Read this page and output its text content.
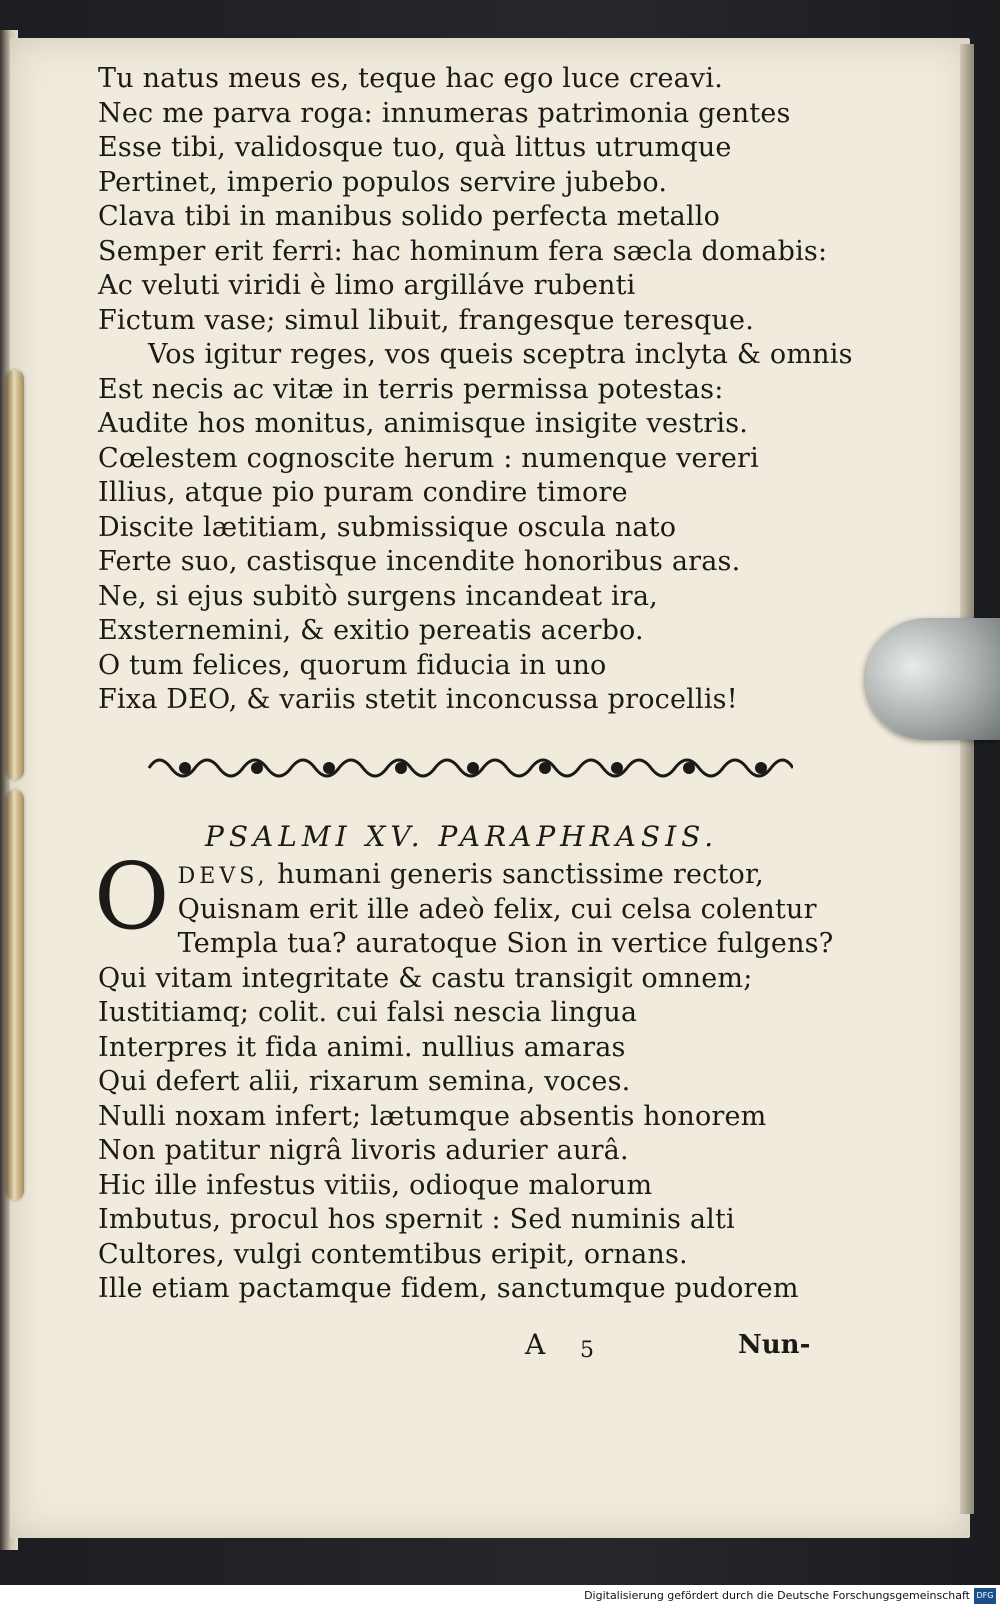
Tu natus meus es, teque hac ego luce creavi.
Nec me parva roga: innumeras patrimonia gentes
Esse tibi, validosque tuo, quà littus utrumque
Pertinet, imperio populos servire jubebo.
Clava tibi in manibus solido perfecta metallo
Semper erit ferri: hac hominum fera sæcla domabis:
Ac veluti viridi è limo argilláve rubenti
Fictum vase; simul libuit, frangesque teresque.
Vos igitur reges, vos queis sceptra inclyta & omnis
Est necis ac vitæ in terris permissa potestas:
Audite hos monitus, animisque insigite vestris.
Cœlestem cognoscite herum : numenque vereri
Illius, atque pio puram condire timore
Discite lætitiam, submissique oscula nato
Ferte suo, castisque incendite honoribus aras.
Ne, si ejus subitò surgens incandeat ira,
Exsternemini, & exitio pereatis acerbo.
O tum felices, quorum fiducia in uno
Fixa DEO, & variis stetit inconcussa procellis!
PSALMI XV. PARAPHRASIS.
O DEVS, humani generis sanctissime rector,
Quisnam erit ille adeò felix, cui celsa colentur
Templa tua? auratoque Sion in vertice fulgens?
Qui vitam integritate & castu transigit omnem;
Iustitiamq; colit. cui falsi nescia lingua
Interpres it fida animi. nullius amaras
Qui defert alii, rixarum semina, voces.
Nulli noxam infert; lætumque absentis honorem
Non patitur nigrâ livoris adurier aurâ.
Hic ille infestus vitiis, odioque malorum
Imbutus, procul hos spernit : Sed numinis alti
Cultores, vulgi contemtibus eripit, ornans.
Ille etiam pactamque fidem, sanctumque pudorem
A 5	Nun-
Digitalisierung gefördert durch die Deutsche Forschungsgemeinschaft DFG
